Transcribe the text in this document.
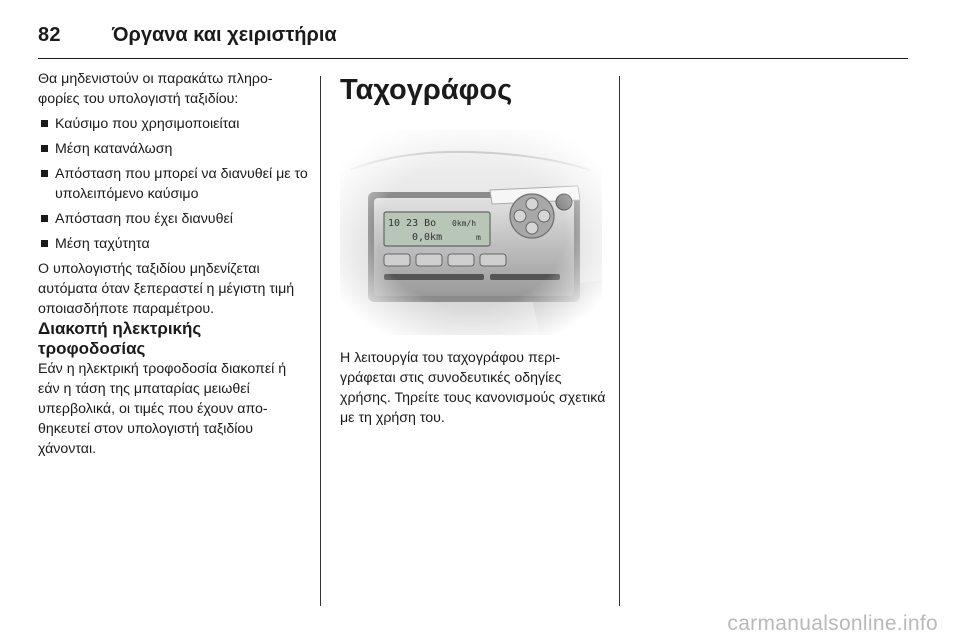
82	Όργανα και χειριστήρια

Θα μηδενιστούν οι παρακάτω πληρο- φορίες του υπολογιστή ταξιδίου:

Καύσιμο που χρησιμοποιείται
Μέση κατανάλωση
Απόσταση που μπορεί να διανυθεί με το υπολειπόμενο καύσιμο
Απόσταση που έχει διανυθεί
Μέση ταχύτητα

Ο υπολογιστής ταξιδίου μηδενίζεται αυτόματα όταν ξεπεραστεί η μέγιστη τιμή οποιασδήποτε παραμέτρου.

Διακοπή ηλεκτρικής τροφοδοσίας

Εάν η ηλεκτρική τροφοδοσία διακοπεί ή εάν η τάση της μπαταρίας μειωθεί υπερβολικά, οι τιμές που έχουν απο- θηκευτεί στον υπολογιστή ταξιδίου χάνονται.

Ταχογράφος

Η λειτουργία του ταχογράφου περι- γράφεται στις συνοδευτικές οδηγίες χρήσης. Τηρείτε τους κανονισμούς σχετικά με τη χρήση του.

carmanualsonline.info
